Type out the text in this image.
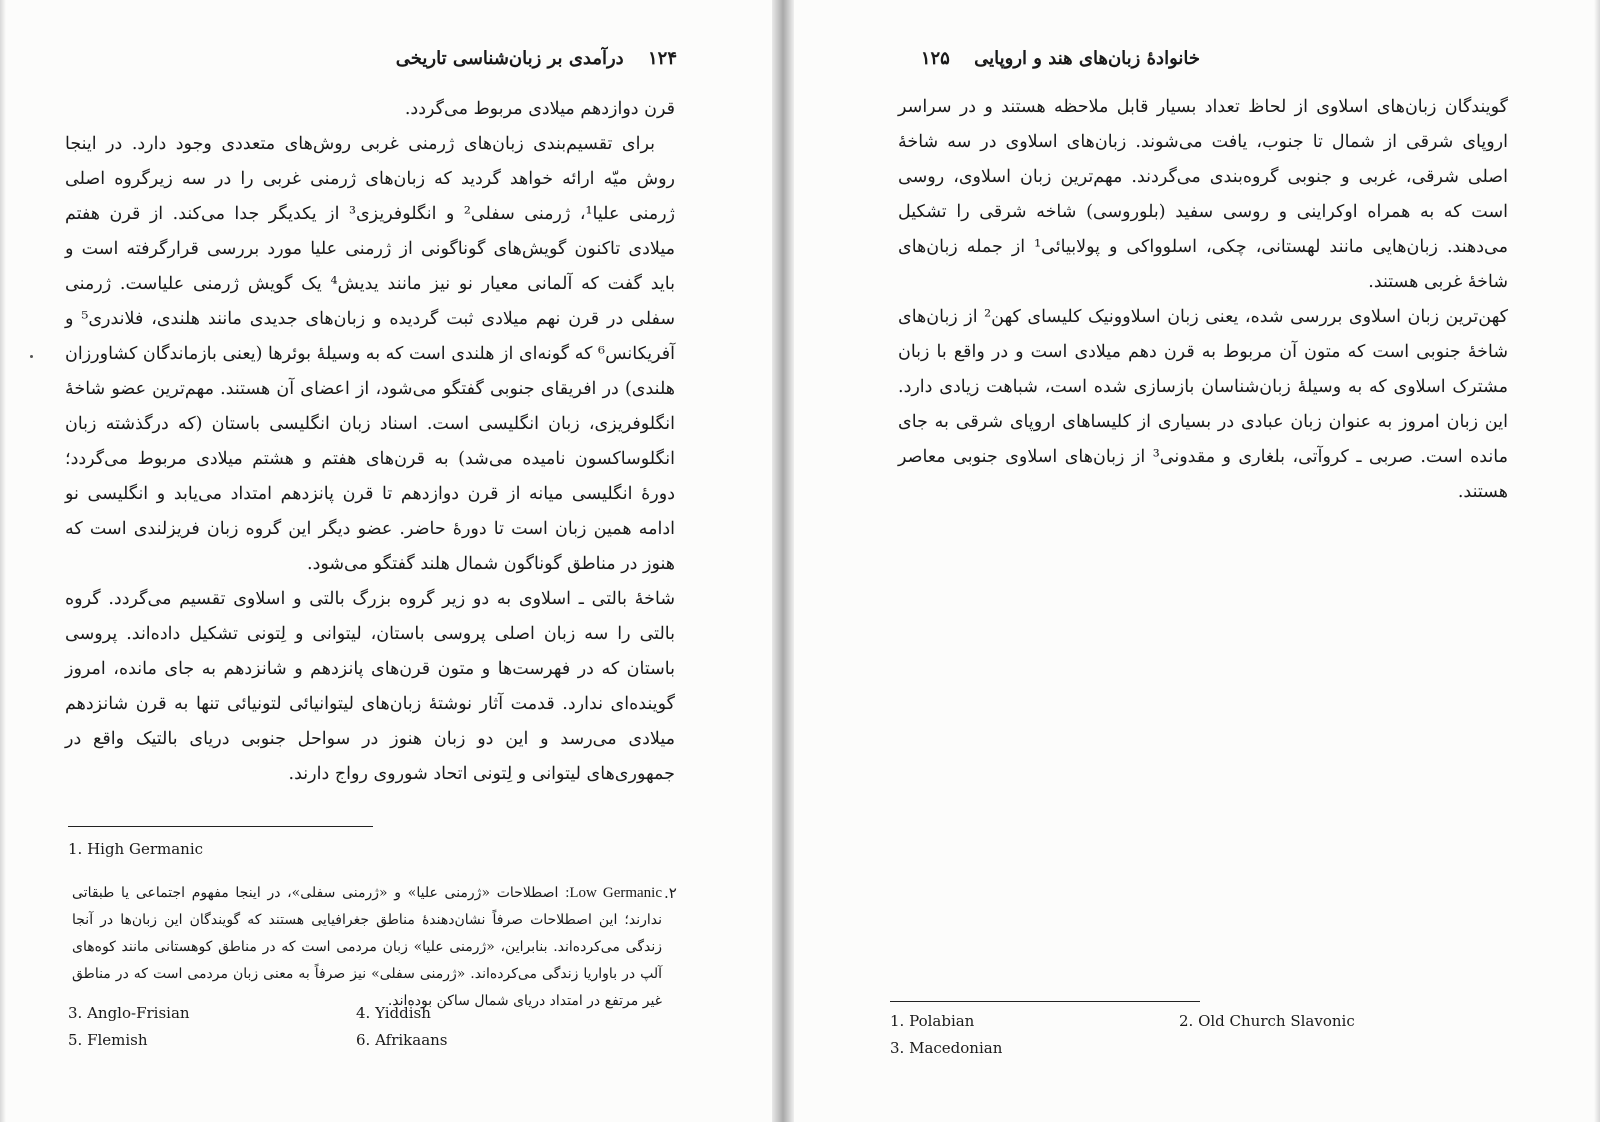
۱۲۴ درآمدی بر زبان‌شناسی تاریخی

قرن دوازدهم میلادی مربوط می‌گردد.

برای تقسیم‌بندی زبان‌های ژرمنی غربی روش‌های متعددی وجود دارد. در اینجا روش میّه ارائه خواهد گردید که زبان‌های ژرمنی غربی را در سه زیرگروه اصلی ژرمنی علیا¹، ژرمنی سفلی² و انگلوفریزی³ از یکدیگر جدا می‌کند. از قرن هفتم میلادی تاکنون گویش‌های گوناگونی از ژرمنی علیا مورد بررسی قرارگرفته است و باید گفت که آلمانی معیار نو نیز مانند یدیش⁴ یک گویش ژرمنی علیاست. ژرمنی سفلی در قرن نهم میلادی ثبت گردیده و زبان‌های جدیدی مانند هلندی، فلاندری⁵ و آفریکانس⁶ که گونه‌ای از هلندی است که به وسیلهٔ بوئرها (یعنی بازماندگان کشاورزان هلندی) در افریقای جنوبی گفتگو می‌شود، از اعضای آن هستند. مهم‌ترین عضو شاخهٔ انگلوفریزی، زبان انگلیسی است. اسناد زبان انگلیسی باستان (که درگذشته زبان انگلوساکسون نامیده می‌شد) به قرن‌های هفتم و هشتم میلادی مربوط می‌گردد؛ دورهٔ انگلیسی میانه از قرن دوازدهم تا قرن پانزدهم امتداد می‌یابد و انگلیسی نو ادامه همین زبان است تا دورهٔ حاضر. عضو دیگر این گروه زبان فریزلندی است که هنوز در مناطق گوناگون شمال هلند گفتگو می‌شود.

شاخهٔ بالتی ـ اسلاوی به دو زیر گروه بزرگ بالتی و اسلاوی تقسیم می‌گردد. گروه بالتی را سه زبان اصلی پروسی باستان، لیتوانی و لِتونی تشکیل داده‌اند. پروسی باستان که در فهرست‌ها و متون قرن‌های پانزدهم و شانزدهم به جای مانده، امروز گوینده‌ای ندارد. قدمت آثار نوشتهٔ زبان‌های لیتوانیائی لتونیائی تنها به قرن شانزدهم میلادی می‌رسد و این دو زبان هنوز در سواحل جنوبی دریای بالتیک واقع در جمهوری‌های لیتوانی و لِتونی اتحاد شوروی رواج دارند.

1. High Germanic
.۲
Low Germanic: اصطلاحات «ژرمنی علیا» و «ژرمنی سفلی»، در اینجا مفهوم اجتماعی یا طبقاتی ندارند؛ این اصطلاحات صرفاً نشان‌دهندهٔ مناطق جغرافیایی هستند که گویندگان این زبان‌ها در آنجا زندگی می‌کرده‌اند. بنابراین، «ژرمنی علیا» زبان مردمی است که در مناطق کوهستانی مانند کوه‌های آلپ در باواریا زندگی می‌کرده‌اند. «ژرمنی سفلی» نیز صرفاً به معنی زبان مردمی است که در مناطق غیر مرتفع در امتداد دریای شمال ساکن بوده‌اند.
3. Anglo-Frisian	4. Yiddish
5. Flemish	6. Afrikaans
خانوادهٔ زبان‌های هند و اروپایی ۱۲۵

گویندگان زبان‌های اسلاوی از لحاظ تعداد بسیار قابل ملاحظه هستند و در سراسر اروپای شرقی از شمال تا جنوب، یافت می‌شوند. زبان‌های اسلاوی در سه شاخهٔ اصلی شرقی، غربی و جنوبی گروه‌بندی می‌گردند. مهم‌ترین زبان اسلاوی، روسی است که به همراه اوکراینی و روسی سفید (بلوروسی) شاخه شرقی را تشکیل می‌دهند. زبان‌هایی مانند لهستانی، چکی، اسلوواکی و پولابیائی¹ از جمله زبان‌های شاخهٔ غربی هستند.

کهن‌ترین زبان اسلاوی بررسی شده، یعنی زبان اسلاوونیک کلیسای کهن² از زبان‌های شاخهٔ جنوبی است که متون آن مربوط به قرن دهم میلادی است و در واقع با زبان مشترک اسلاوی که به وسیلهٔ زبان‌شناسان بازسازی شده است، شباهت زیادی دارد. این زبان امروز به عنوان زبان عبادی در بسیاری از کلیساهای اروپای شرقی به جای مانده است. صربی ـ کروآتی، بلغاری و مقدونی³ از زبان‌های اسلاوی جنوبی معاصر هستند.

1. Polabian	2. Old Church Slavonic
3. Macedonian
